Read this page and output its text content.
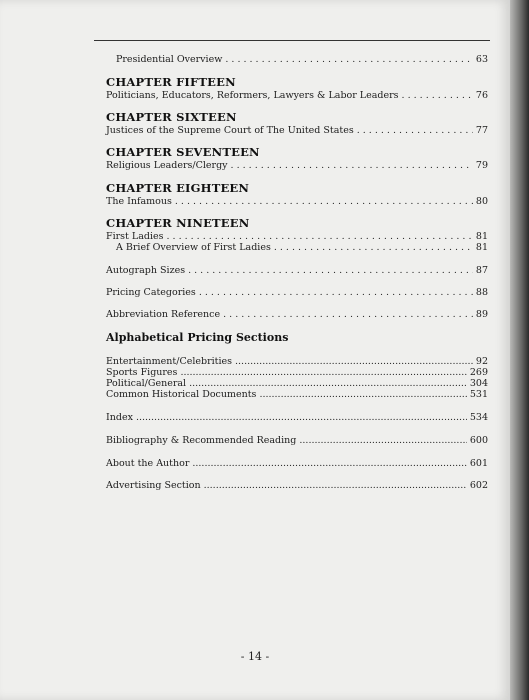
Presidential Overview . . .	63
CHAPTER FIFTEEN
Politicians, Educators, Reformers, Lawyers & Labor Leaders . . .	76
CHAPTER SIXTEEN
Justices of the Supreme Court of The United States . . .	77
CHAPTER SEVENTEEN
Religious Leaders/Clergy . . .	79
CHAPTER EIGHTEEN
The Infamous . . .	80
CHAPTER NINETEEN
First Ladies . . .	81
A Brief Overview of First Ladies . . .	81
Autograph Sizes . . .	87
Pricing Categories . . .	88
Abbreviation Reference . . .	89
Alphabetical Pricing Sections
Entertainment/Celebrities .....	92
Sports Figures .....	269
Political/General .....	304
Common Historical Documents .....	531
Index .....	534
Bibliography & Recommended Reading .....	600
About the Author .....	601
Advertising Section .....	602
- 14 -
